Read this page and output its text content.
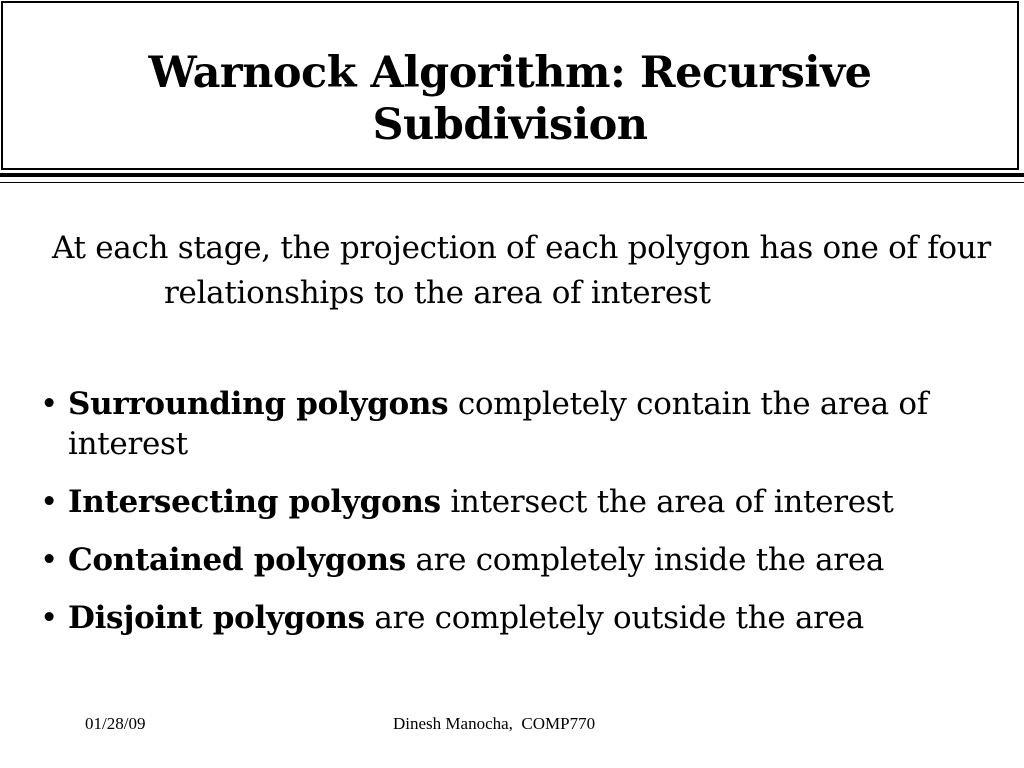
Warnock Algorithm: Recursive
Subdivision
At each stage, the projection of each polygon has one of four relationships to the area of interest
• Surrounding polygons completely contain the area of interest
• Intersecting polygons intersect the area of interest
• Contained polygons are completely inside the area
• Disjoint polygons are completely outside the area
01/28/09	Dinesh Manocha,  COMP770
